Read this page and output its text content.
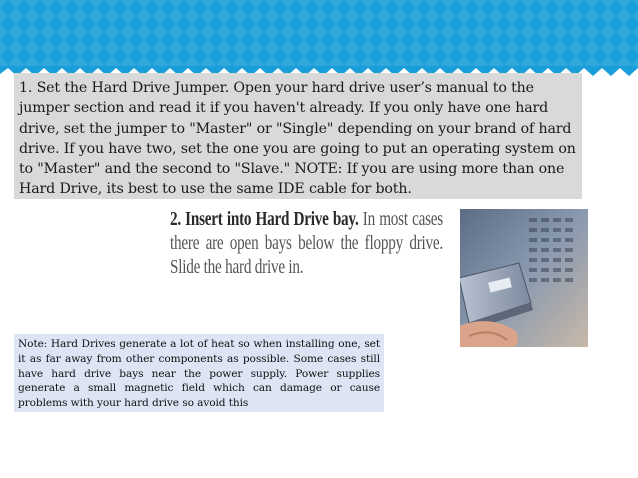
1. Set the Hard Drive Jumper. Open your hard drive user’s manual to the jumper section and read it if you haven't already. If you only have one hard drive, set the jumper to "Master" or "Single" depending on your brand of hard drive. If you have two, set the one you are going to put an operating system on to "Master" and the second to "Slave." NOTE: If you are using more than one Hard Drive, its best to use the same IDE cable for both.
2. Insert into Hard Drive bay. In most cases there are open bays below the floppy drive. Slide the hard drive in.
Note: Hard Drives generate a lot of heat so when installing one, set it as far away from other components as possible. Some cases still have hard drive bays near the power supply. Power supplies generate a small magnetic field which can damage or cause problems with your hard drive so avoid this
